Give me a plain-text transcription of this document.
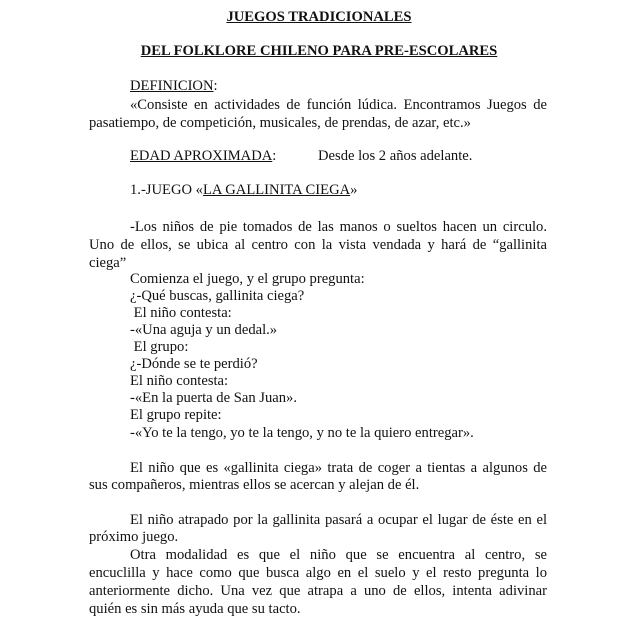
JUEGOS TRADICIONALES
DEL FOLKLORE CHILENO PARA PRE-ESCOLARES
DEFINICION:
«Consiste en actividades de función lúdica. Encontramos Juegos de
pasatiempo, de competición, musicales, de prendas, de azar, etc.»
EDAD APROXIMADA:	Desde los 2 años adelante.
1.-JUEGO «LA GALLINITA CIEGA»
-Los niños de pie tomados de las manos o sueltos hacen un circulo.
Uno de ellos, se ubica al centro con la vista vendada y hará de “gallinita
ciega”
Comienza el juego, y el grupo pregunta:
¿-Qué buscas, gallinita ciega?
El niño contesta:
-«Una aguja y un dedal.»
El grupo:
¿-Dónde se te perdió?
El niño contesta:
-«En la puerta de San Juan».
El grupo repite:
-«Yo te la tengo, yo te la tengo, y no te la quiero entregar».
El niño que es «gallinita ciega» trata de coger a tientas a algunos de
sus compañeros, mientras ellos se acercan y alejan de él.
El niño atrapado por la gallinita pasará a ocupar el lugar de éste en el
próximo juego.
Otra modalidad es que el niño que se encuentra al centro, se
encuclilla y hace como que busca algo en el suelo y el resto pregunta lo
anteriormente dicho. Una vez que atrapa a uno de ellos, intenta adivinar
quién es sin más ayuda que su tacto.
